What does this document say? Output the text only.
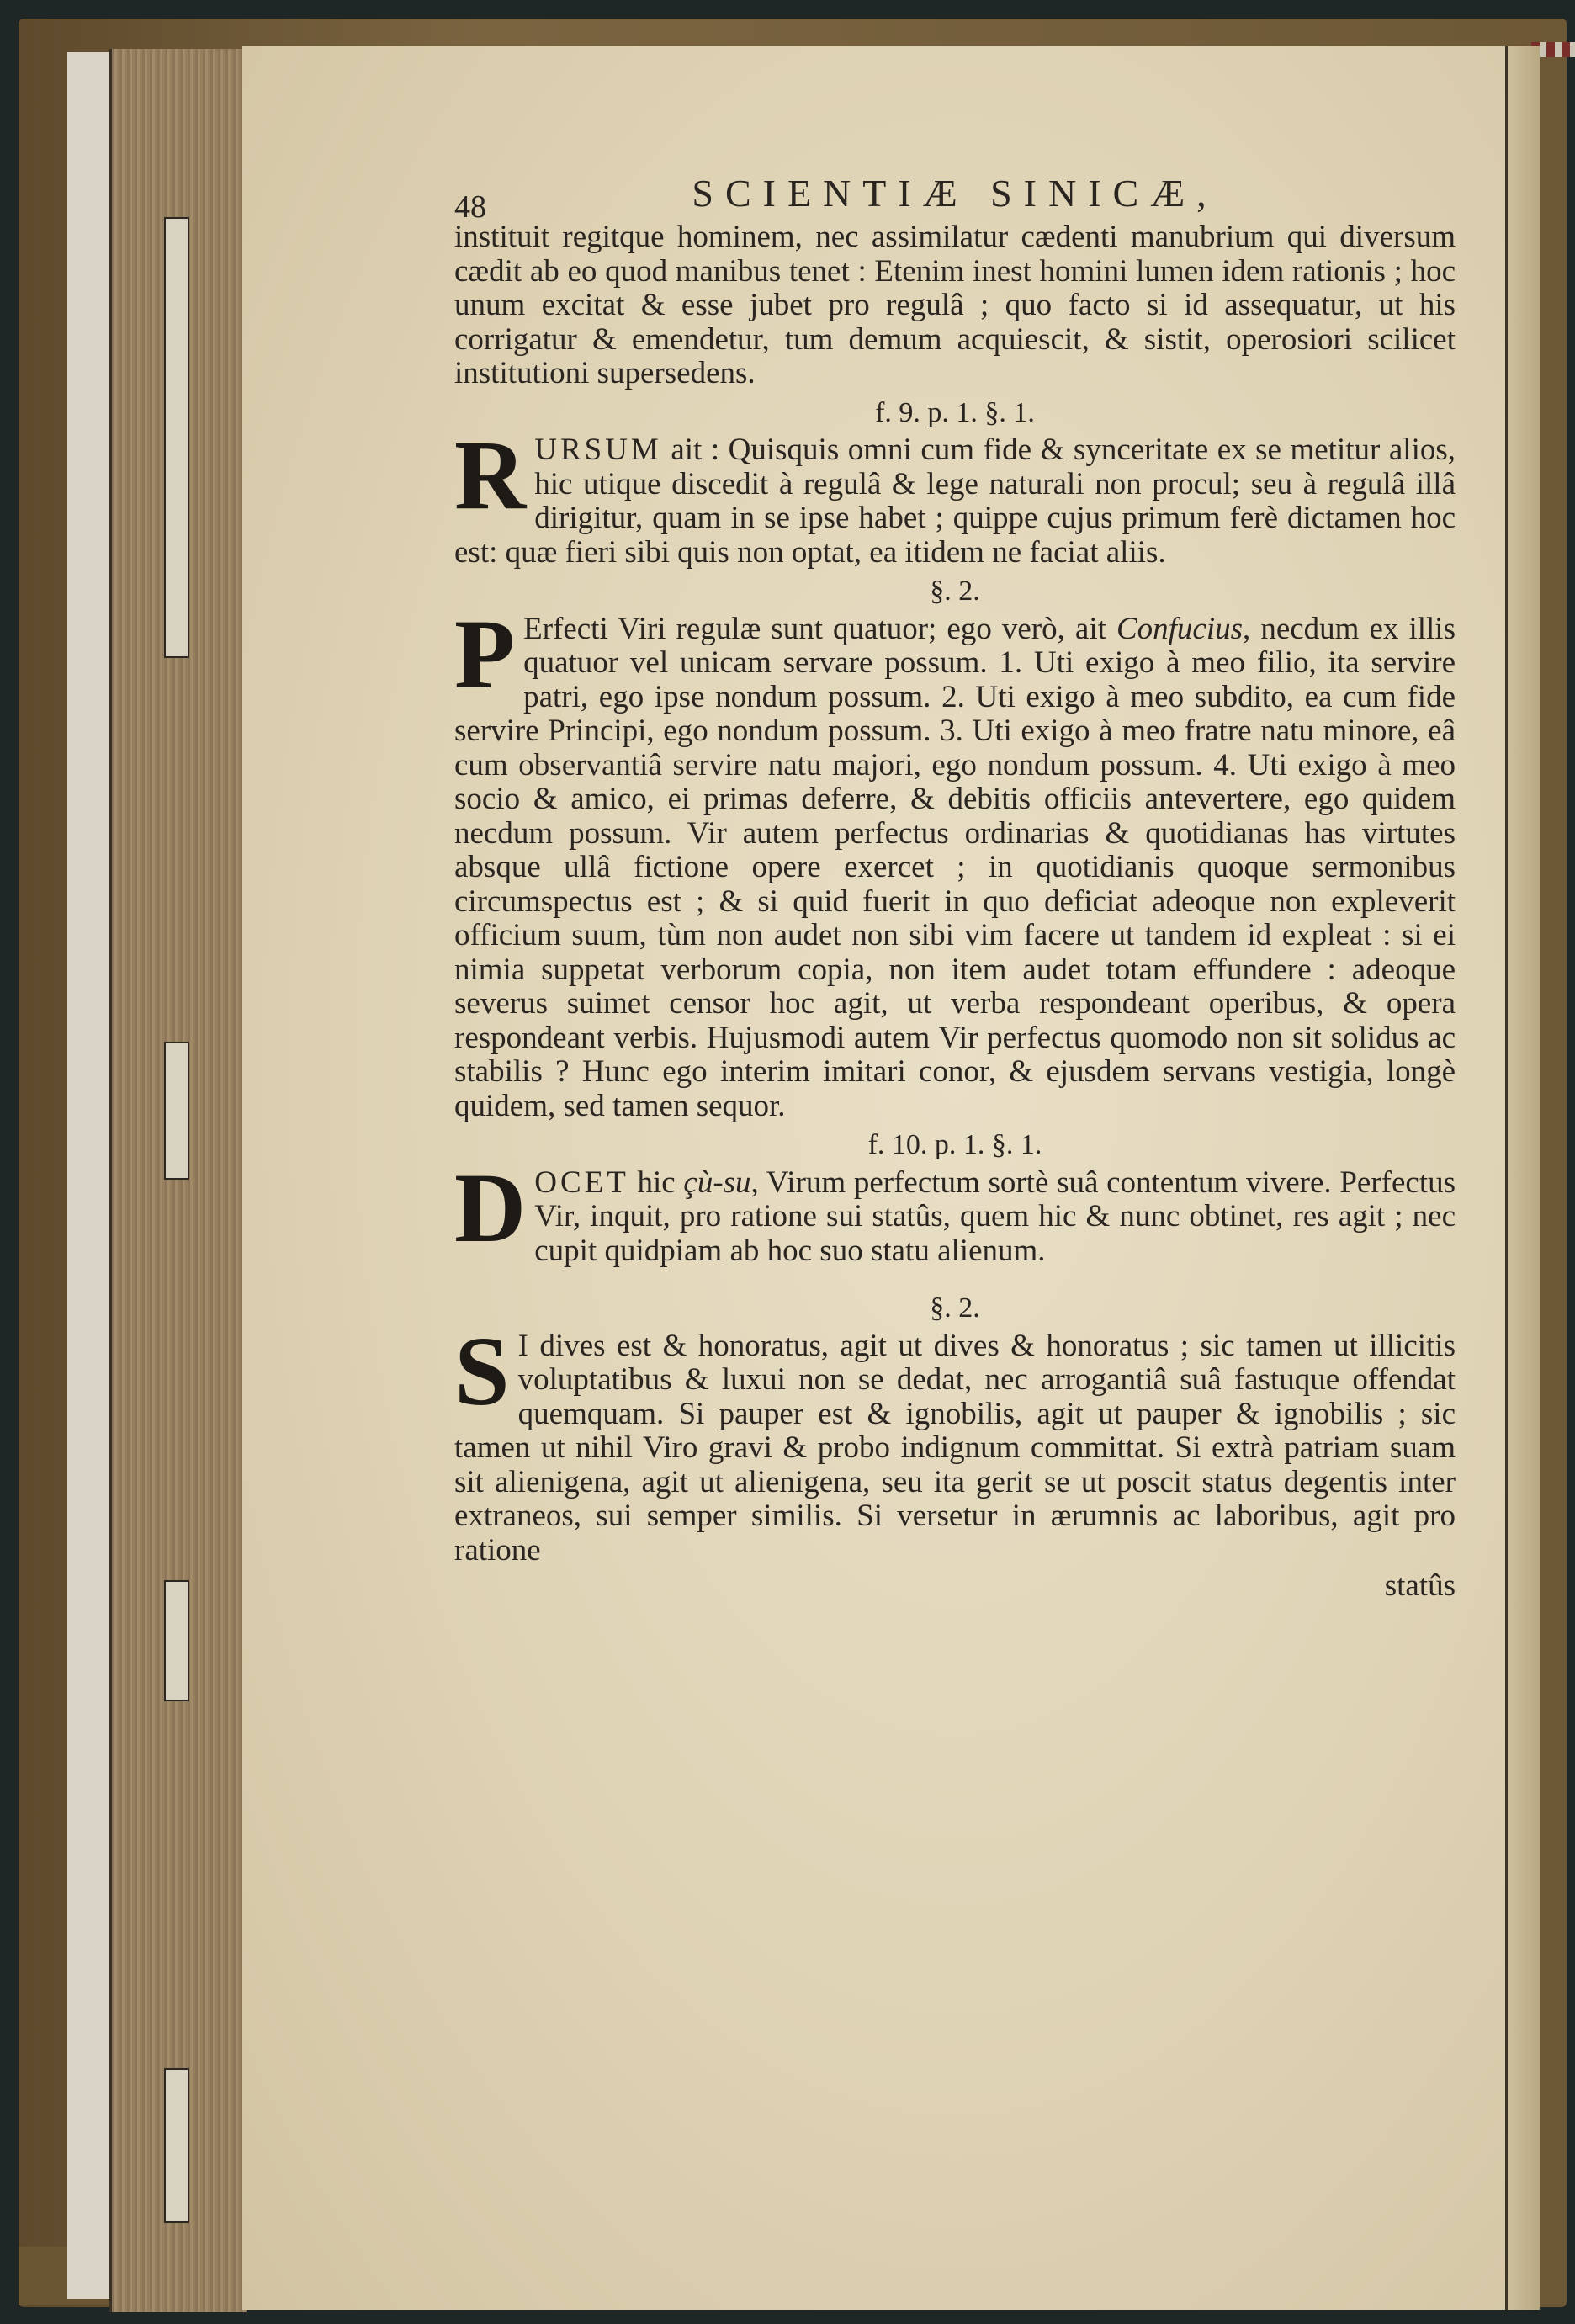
48	SCIENTIÆ SINICÆ,

instituit regitque hominem, nec assimilatur cædenti manubrium qui diversum cædit ab eo quod manibus tenet : Etenim inest homini lumen idem rationis ; hoc unum excitat & esse jubet pro regulâ ; quo facto si id assequatur, ut his corrigatur & emendetur, tum demum acquiescit, & sistit, operosiori scilicet institutioni supersedens.

f. 9. p. 1. §. 1.

RURSUM ait : Quisquis omni cum fide & synceritate ex se metitur alios, hic utique discedit à regulâ & lege naturali non procul; seu à regulâ illâ dirigitur, quam in se ipse habet ; quippe cujus primum ferè dictamen hoc est: quæ fieri sibi quis non optat, ea itidem ne faciat aliis.

§. 2.

P Erfecti Viri regulæ sunt quatuor; ego verò, ait Confucius, necdum ex illis quatuor vel unicam servare possum. 1. Uti exigo à meo filio, ita servire patri, ego ipse nondum possum. 2. Uti exigo à meo subdito, ea cum fide servire Principi, ego nondum possum. 3. Uti exigo à meo fratre natu minore, eâ cum observantiâ servire natu majori, ego nondum possum. 4. Uti exigo à meo socio & amico, ei primas deferre, & debitis officiis antevertere, ego quidem necdum possum. Vir autem perfectus ordinarias & quotidianas has virtutes absque ullâ fictione opere exercet ; in quotidianis quoque sermonibus circumspectus est ; & si quid fuerit in quo deficiat adeoque non expleverit officium suum, tùm non audet non sibi vim facere ut tandem id expleat : si ei nimia suppetat verborum copia, non item audet totam effundere : adeoque severus suimet censor hoc agit, ut verba respondeant operibus, & opera respondeant verbis. Hujusmodi autem Vir perfectus quomodo non sit solidus ac stabilis ? Hunc ego interim imitari conor, & ejusdem servans vestigia, longè quidem, sed tamen sequor.

f. 10. p. 1. §. 1.

DOCET hic çù-su, Virum perfectum sortè suâ contentum vivere. Perfectus Vir, inquit, pro ratione sui statûs, quem hic & nunc obtinet, res agit ; nec cupit quidpiam ab hoc suo statu alienum.

§. 2.

S I dives est & honoratus, agit ut dives & honoratus ; sic tamen ut illicitis voluptatibus & luxui non se dedat, nec arrogantiâ suâ fastuque offendat quemquam. Si pauper est & ignobilis, agit ut pauper & ignobilis ; sic tamen ut nihil Viro gravi & probo indignum committat. Si extrà patriam suam sit alienigena, agit ut alienigena, seu ita gerit se ut poscit status degentis inter extraneos, sui semper similis. Si versetur in ærumnis ac laboribus, agit pro ratione

statûs
